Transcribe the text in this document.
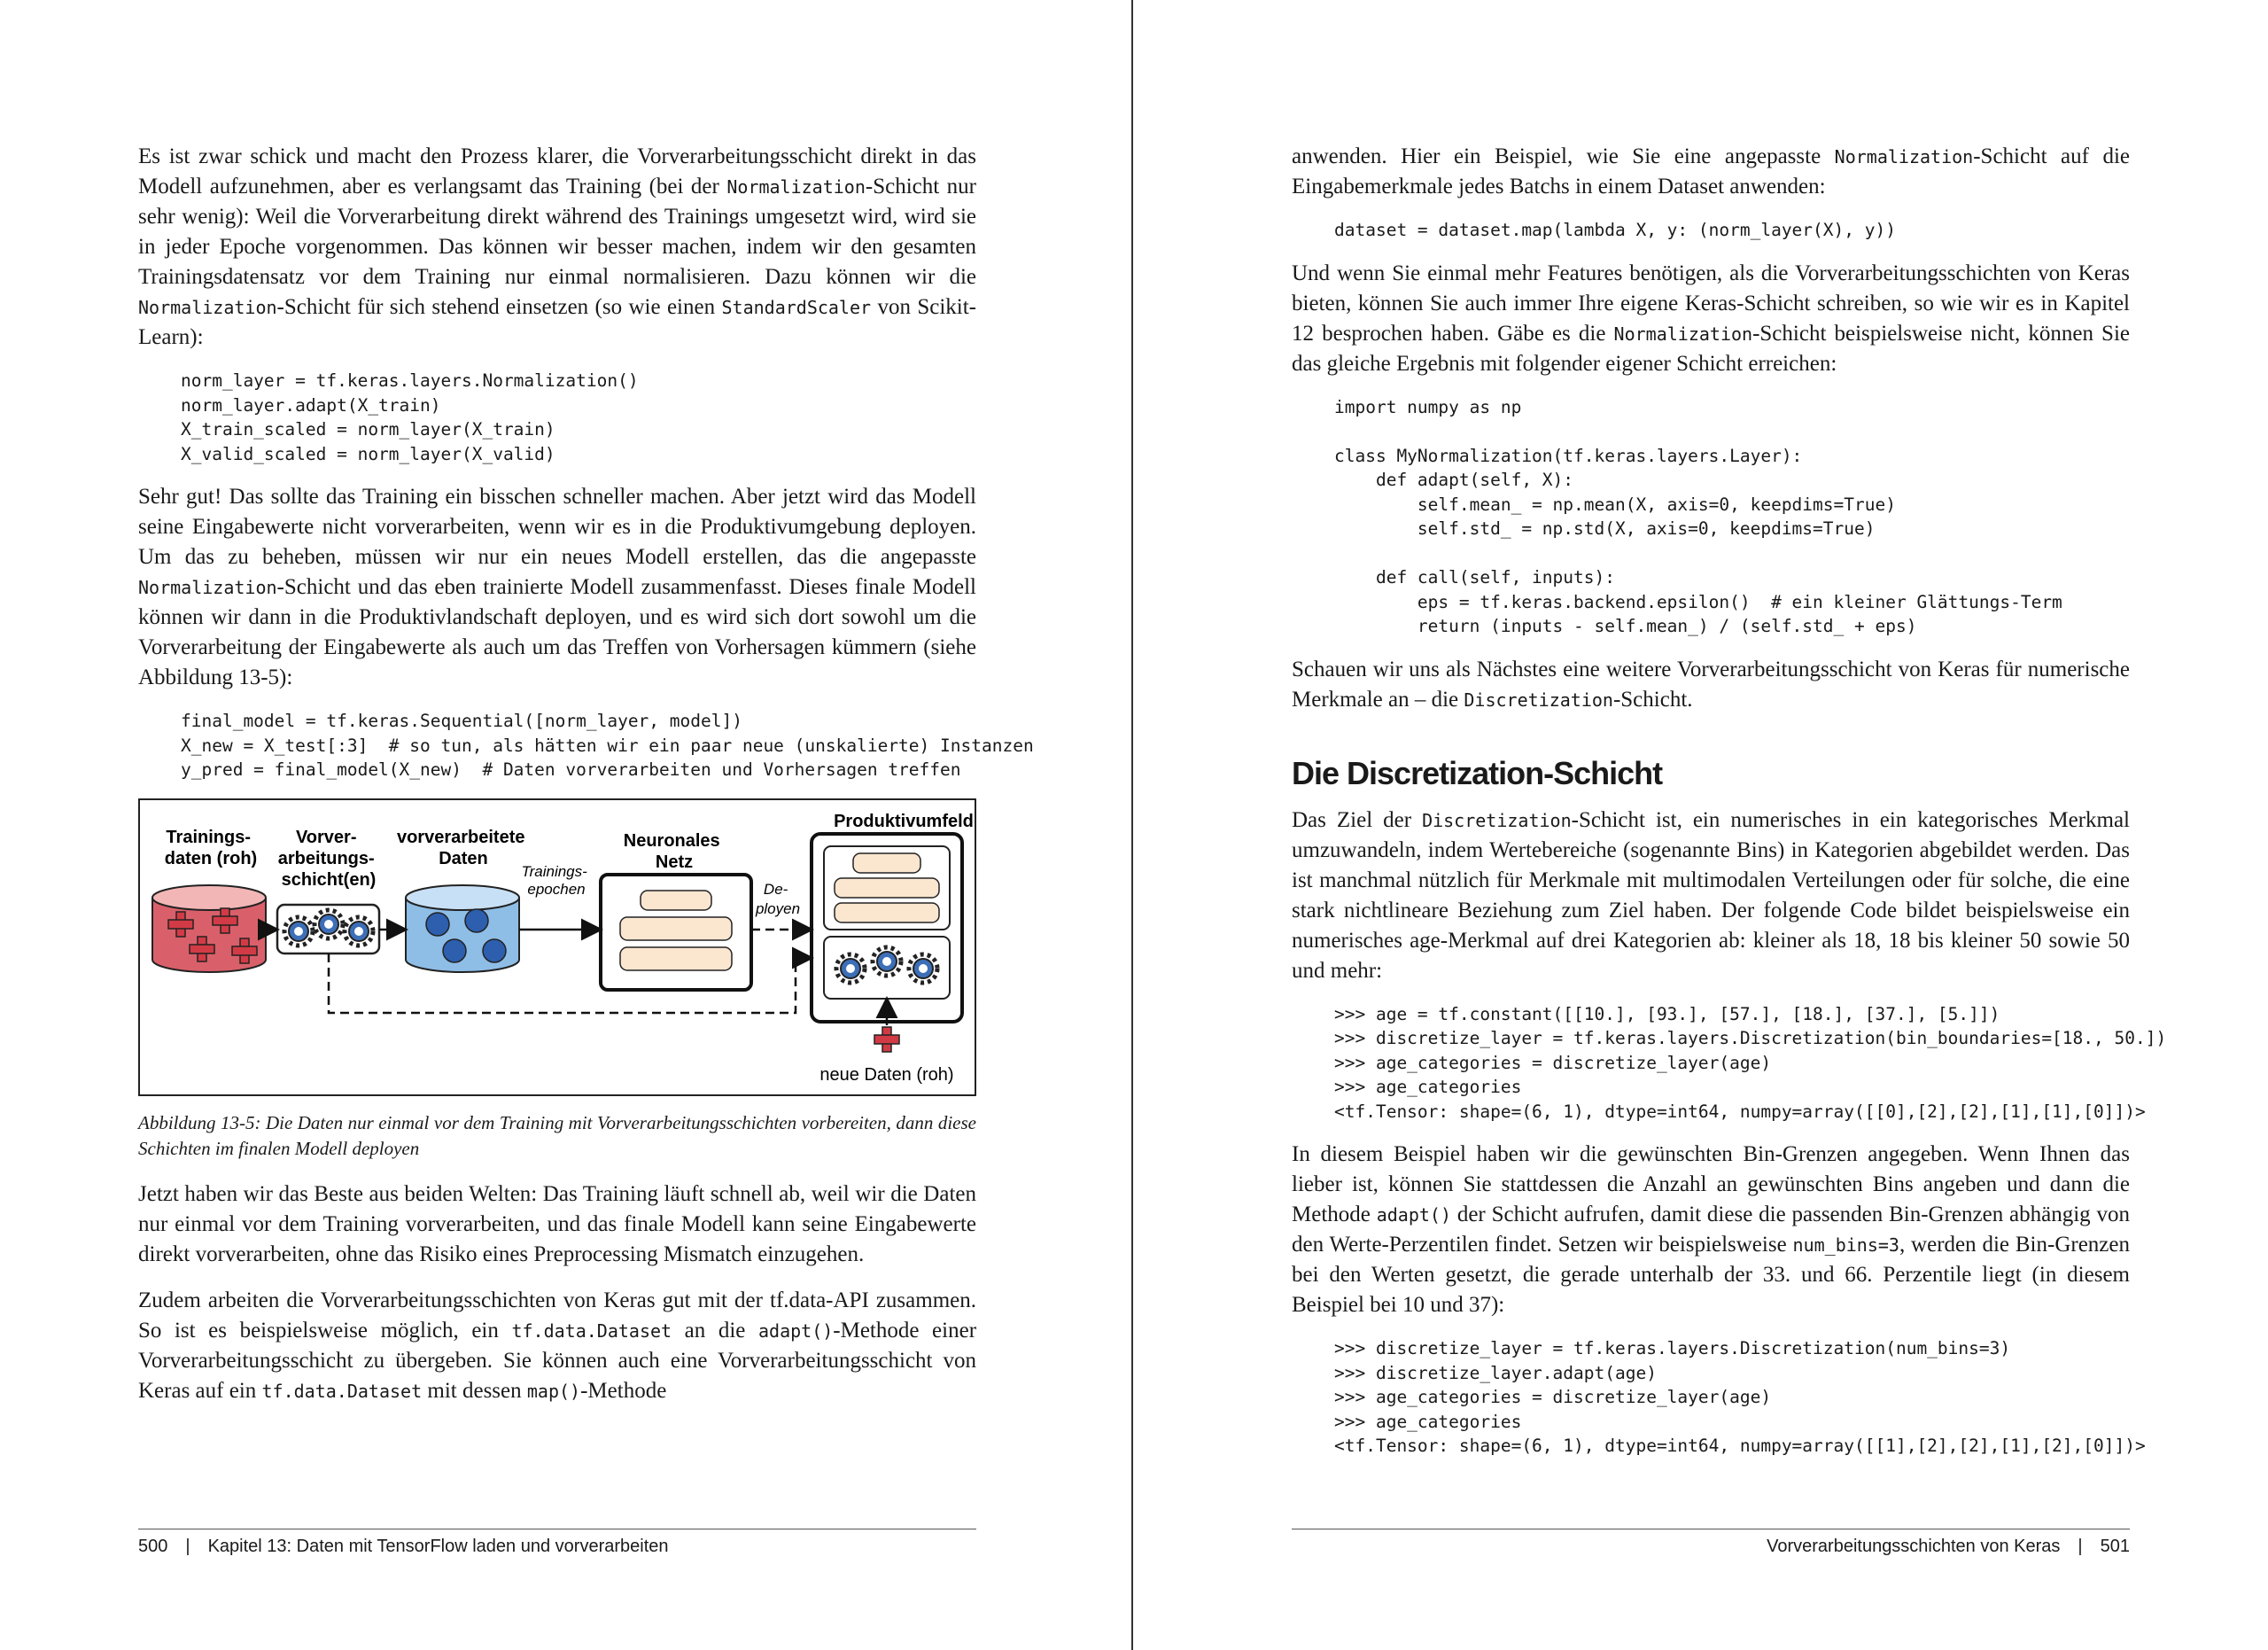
Es ist zwar schick und macht den Prozess klarer, die Vorverarbeitungsschicht direkt in das Modell aufzunehmen, aber es verlangsamt das Training (bei der Normalization-Schicht nur sehr wenig): Weil die Vorverarbeitung direkt während des Trainings umgesetzt wird, wird sie in jeder Epoche vorgenommen. Das können wir besser machen, indem wir den gesamten Trainingsdatensatz vor dem Training nur einmal normalisieren. Dazu können wir die Normalization-Schicht für sich stehend einsetzen (so wie einen StandardScaler von Scikit-Learn):

norm_layer = tf.keras.layers.Normalization()
norm_layer.adapt(X_train)
X_train_scaled = norm_layer(X_train)
X_valid_scaled = norm_layer(X_valid)

Sehr gut! Das sollte das Training ein bisschen schneller machen. Aber jetzt wird das Modell seine Eingabewerte nicht vorverarbeiten, wenn wir es in die Produktivumgebung deployen. Um das zu beheben, müssen wir nur ein neues Modell erstellen, das die angepasste Normalization-Schicht und das eben trainierte Modell zusammenfasst. Dieses finale Modell können wir dann in die Produktivlandschaft deployen, und es wird sich dort sowohl um die Vorverarbeitung der Eingabewerte als auch um das Treffen von Vorhersagen kümmern (siehe Abbildung 13-5):

final_model = tf.keras.Sequential([norm_layer, model])
X_new = X_test[:3]  # so tun, als hätten wir ein paar neue (unskalierte) Instanzen
y_pred = final_model(X_new)  # Daten vorverarbeiten und Vorhersagen treffen
Trainings- daten (roh)
Vorver- arbeitungs- schicht(en)
vorverarbeitete Daten
Neuronales Netz
Produktivumfeld
Trainings- epochen	De- ployen
neue Daten (roh)
Abbildung 13-5: Die Daten nur einmal vor dem Training mit Vorverarbeitungsschichten vorbereiten, dann diese Schichten im finalen Modell deployen

Jetzt haben wir das Beste aus beiden Welten: Das Training läuft schnell ab, weil wir die Daten nur einmal vor dem Training vorverarbeiten, und das finale Modell kann seine Eingabewerte direkt vorverarbeiten, ohne das Risiko eines Preprocessing Mismatch einzugehen.

Zudem arbeiten die Vorverarbeitungsschichten von Keras gut mit der tf.data-API zusammen. So ist es beispielsweise möglich, ein tf.data.Dataset an die adapt()-Methode einer Vorverarbeitungsschicht zu übergeben. Sie können auch eine Vorverarbeitungsschicht von Keras auf ein tf.data.Dataset mit dessen map()-Methode

500 | Kapitel 13: Daten mit TensorFlow laden und vorverarbeiten

anwenden. Hier ein Beispiel, wie Sie eine angepasste Normalization-Schicht auf die Eingabemerkmale jedes Batchs in einem Dataset anwenden:

dataset = dataset.map(lambda X, y: (norm_layer(X), y))

Und wenn Sie einmal mehr Features benötigen, als die Vorverarbeitungsschichten von Keras bieten, können Sie auch immer Ihre eigene Keras-Schicht schreiben, so wie wir es in Kapitel 12 besprochen haben. Gäbe es die Normalization-Schicht beispielsweise nicht, können Sie das gleiche Ergebnis mit folgender eigener Schicht erreichen:

import numpy as np

class MyNormalization(tf.keras.layers.Layer):
def adapt(self, X):
self.mean_ = np.mean(X, axis=0, keepdims=True)
self.std_ = np.std(X, axis=0, keepdims=True)

def call(self, inputs):
eps = tf.keras.backend.epsilon()  # ein kleiner Glättungs-Term
return (inputs - self.mean_) / (self.std_ + eps)

Schauen wir uns als Nächstes eine weitere Vorverarbeitungsschicht von Keras für numerische Merkmale an – die Discretization-Schicht.

Die Discretization-Schicht

Das Ziel der Discretization-Schicht ist, ein numerisches in ein kategorisches Merkmal umzuwandeln, indem Wertebereiche (sogenannte Bins) in Kategorien abgebildet werden. Das ist manchmal nützlich für Merkmale mit multimodalen Verteilungen oder für solche, die eine stark nichtlineare Beziehung zum Ziel haben. Der folgende Code bildet beispielsweise ein numerisches age-Merkmal auf drei Kategorien ab: kleiner als 18, 18 bis kleiner 50 sowie 50 und mehr:

>>> age = tf.constant([[10.], [93.], [57.], [18.], [37.], [5.]])
>>> discretize_layer = tf.keras.layers.Discretization(bin_boundaries=[18., 50.])
>>> age_categories = discretize_layer(age)
>>> age_categories
<tf.Tensor: shape=(6, 1), dtype=int64, numpy=array([[0],[2],[2],[1],[1],[0]])>

In diesem Beispiel haben wir die gewünschten Bin-Grenzen angegeben. Wenn Ihnen das lieber ist, können Sie stattdessen die Anzahl an gewünschten Bins angeben und dann die Methode adapt() der Schicht aufrufen, damit diese die passenden Bin-Grenzen abhängig von den Werte-Perzentilen findet. Setzen wir beispielsweise num_bins=3, werden die Bin-Grenzen bei den Werten gesetzt, die gerade unterhalb der 33. und 66. Perzentile liegt (in diesem Beispiel bei 10 und 37):

>>> discretize_layer = tf.keras.layers.Discretization(num_bins=3)
>>> discretize_layer.adapt(age)
>>> age_categories = discretize_layer(age)
>>> age_categories
<tf.Tensor: shape=(6, 1), dtype=int64, numpy=array([[1],[2],[2],[1],[2],[0]])>
Vorverarbeitungsschichten von Keras | 501
